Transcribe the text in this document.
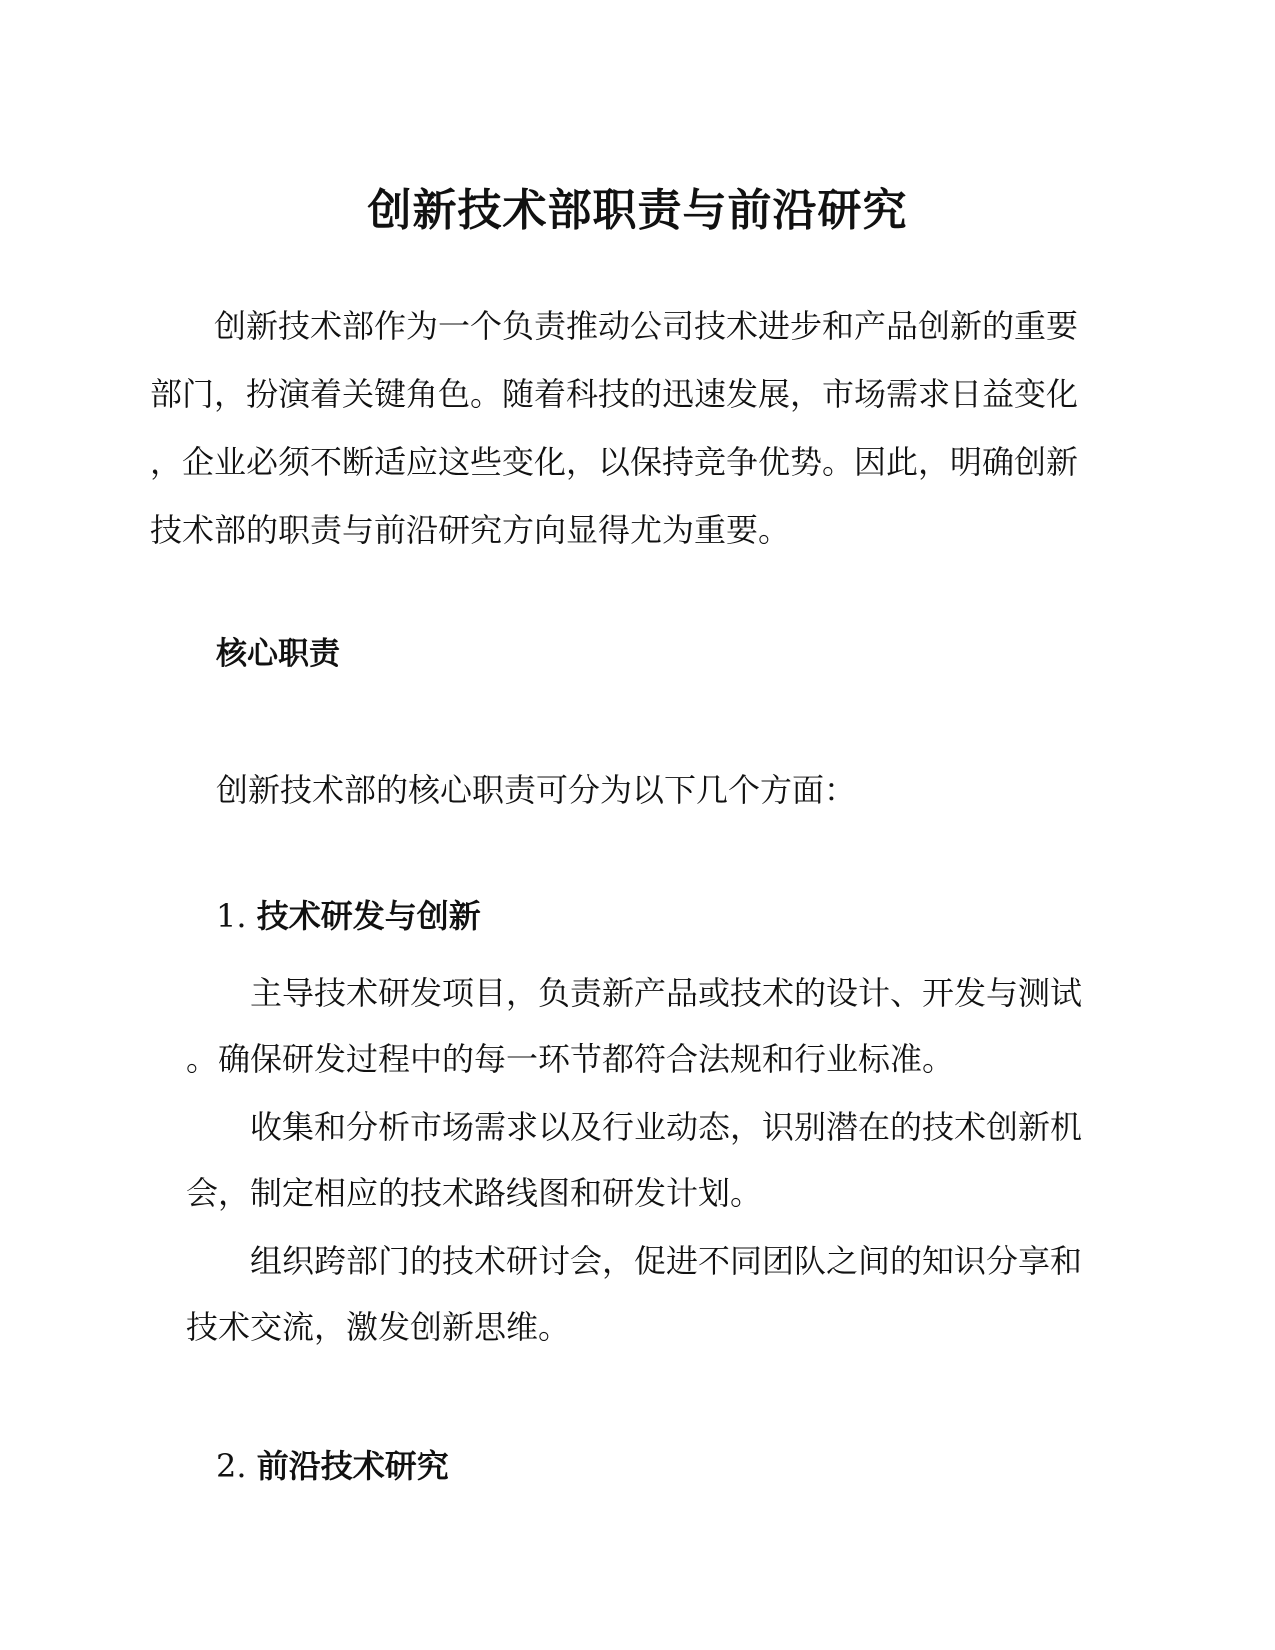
创新技术部职责与前沿研究

　　创新技术部作为一个负责推动公司技术进步和产品创新的重要
部门，扮演着关键角色。随着科技的迅速发展，市场需求日益变化
，企业必须不断适应这些变化，以保持竞争优势。因此，明确创新
技术部的职责与前沿研究方向显得尤为重要。

核心职责

创新技术部的核心职责可分为以下几个方面：

1. 技术研发与创新

　　主导技术研发项目，负责新产品或技术的设计、开发与测试
。确保研发过程中的每一环节都符合法规和行业标准。

　　收集和分析市场需求以及行业动态，识别潜在的技术创新机
会，制定相应的技术路线图和研发计划。

　　组织跨部门的技术研讨会，促进不同团队之间的知识分享和
技术交流，激发创新思维。

2. 前沿技术研究
